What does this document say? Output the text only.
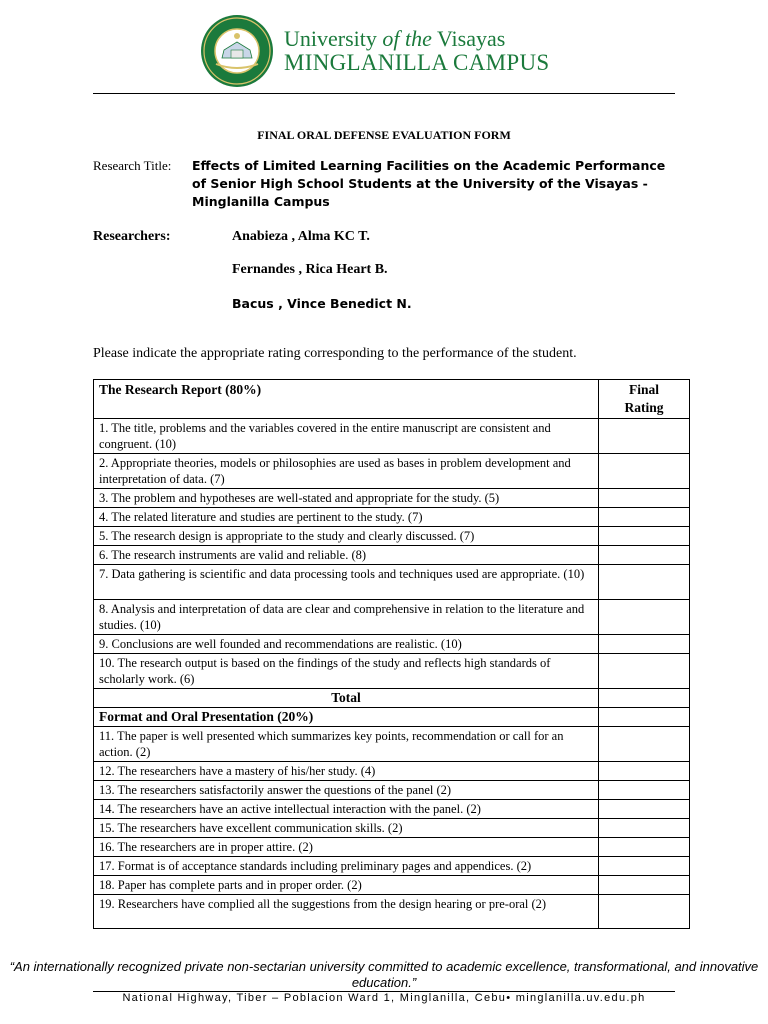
University of the Visayas
MINGLANILLA CAMPUS
FINAL ORAL DEFENSE EVALUATION FORM
Research Title: Effects of Limited Learning Facilities on the Academic Performance of Senior High School Students at the University of the Visayas -Minglanilla Campus
Researchers:	Anabieza , Alma KC T.
Fernandes , Rica Heart B.
Bacus , Vince Benedict N.
Please indicate the appropriate rating corresponding to the performance of the student.
The Research Report (80%)	Final
Rating
1. The title, problems and the variables covered in the entire manuscript are consistent and congruent. (10)	
2. Appropriate theories, models or philosophies are used as bases in problem development and interpretation of data. (7)	
3. The problem and hypotheses are well-stated and appropriate for the study. (5)	
4. The related literature and studies are pertinent to the study. (7)	
5. The research design is appropriate to the study and clearly discussed. (7)	
6. The research instruments are valid and reliable. (8)	
7. Data gathering is scientific and data processing tools and techniques used are appropriate. (10)	
8. Analysis and interpretation of data are clear and comprehensive in relation to the literature and studies. (10)	
9. Conclusions are well founded and recommendations are realistic. (10)	
10. The research output is based on the findings of the study and reflects high standards of scholarly work. (6)	
Total	
Format and Oral Presentation (20%)	
11. The paper is well presented which summarizes key points, recommendation or call for an action. (2)	
12. The researchers have a mastery of his/her study. (4)	
13. The researchers satisfactorily answer the questions of the panel (2)	
14. The researchers have an active intellectual interaction with the panel. (2)	
15. The researchers have excellent communication skills. (2)	
16. The researchers are in proper attire. (2)	
17. Format is of acceptance standards including preliminary pages and appendices. (2)	
18. Paper has complete parts and in proper order. (2)	
19. Researchers have complied all the suggestions from the design hearing or pre-oral (2)	
“An internationally recognized private non-sectarian university committed to academic excellence, transformational, and innovative education.”
National Highway, Tiber – Poblacion Ward 1, Minglanilla, Cebu• minglanilla.uv.edu.ph
